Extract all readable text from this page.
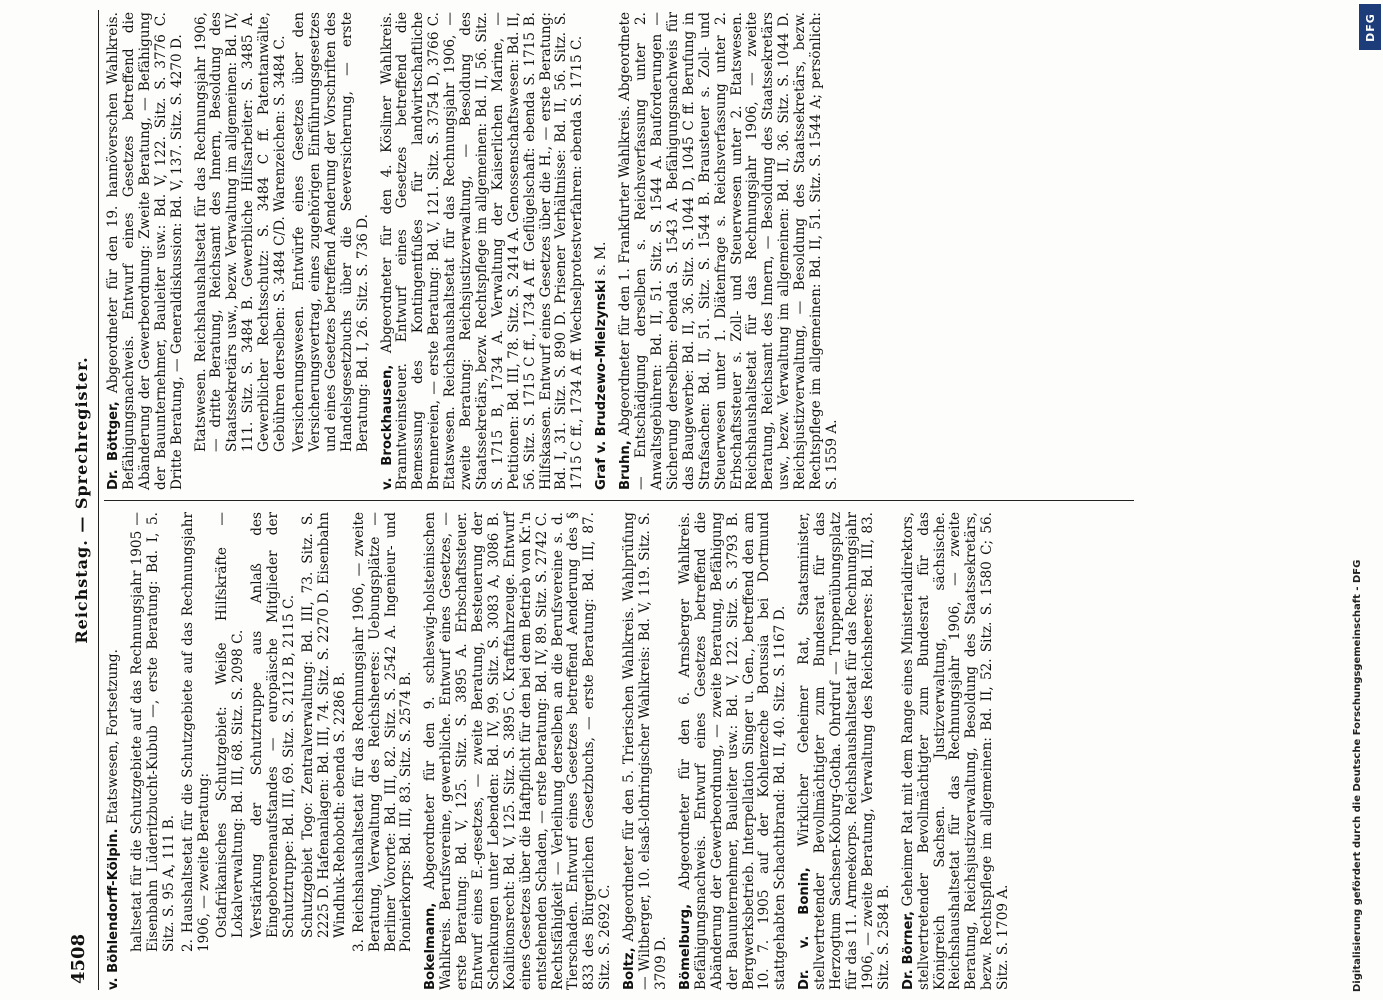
4508
Reichstag. — Sprechregister.

v. Böhlendorff-Kölpin. Etatswesen, Fortsetzung. haltsetat für die Schutzgebiete auf das Rechnungsjahr 1905 — Eisenbahn Lüderitzbucht-Kubub —, erste Beratung: Bd. I, 5. Sitz. S. 95 A, 111 B. 2. Haushaltsetat für die Schutzgebiete auf das Rechnungsjahr 1906, — zweite Beratung: Ostafrikanisches Schutzgebiet: Weiße Hilfskräfte — Lokalverwaltung: Bd. III, 68. Sitz. S. 2098 C. Verstärkung der Schutztruppe aus Anlaß des Eingeborenenaufstandes — europäische Mitglieder der Schutztruppe: Bd. III, 69. Sitz. S. 2112 B, 2115 C. Schutzgebiet Togo: Zentralverwaltung: Bd. III, 73. Sitz. S. 2225 D. Hafenanlagen: Bd. III, 74. Sitz. S. 2270 D. Eisenbahn Windhuk-Rehoboth: ebenda S. 2286 B. 3. Reichshaushaltsetat für das Rechnungsjahr 1906, — zweite Beratung, Verwaltung des Reichsheeres: Uebungsplätze — Berliner Vororte: Bd. III, 82. Sitz. S. 2542 A. Ingenieur- und Pionierkorps: Bd. III, 83. Sitz. S. 2574 B. Bokelmann, Abgeordneter für den 9. schleswig-holsteinischen Wahlkreis. Berufsvereine, gewerbliche. Entwurf eines Gesetzes, — erste Beratung: Bd. V, 125. Sitz. S. 3895 A. Erbschaftssteuer. Entwurf eines E.-gesetzes, — zweite Beratung, Besteuerung der Schenkungen unter Lebenden: Bd. IV, 99. Sitz. S. 3083 A, 3086 B. Koalitionsrecht: Bd. V, 125. Sitz. S. 3895 C. Kraftfahrzeuge. Entwurf eines Gesetzes über die Haftpflicht für den bei dem Betrieb von Kr.'n entstehenden Schaden, — erste Beratung: Bd. IV, 89. Sitz. S. 2742 C. Rechtsfähigkeit — Verleihung derselben an die Berufsvereine s. d. Tierschaden. Entwurf eines Gesetzes betreffend Aenderung des § 833 des Bürgerlichen Gesetzbuchs, — erste Beratung: Bd. III, 87. Sitz. S. 2692 C. Boltz, Abgeordneter für den 5. Trierischen Wahlkreis. Wahlprüfung — Wiltberger, 10. elsaß-lothringischer Wahlkreis: Bd. V, 119. Sitz. S. 3709 D. Bömelburg, Abgeordneter für den 6. Arnsberger Wahlkreis. Befähigungsnachweis. Entwurf eines Gesetzes betreffend die Abänderung der Gewerbeordnung, — zweite Beratung, Befähigung der Bauunternehmer, Bauleiter usw.: Bd. V, 122. Sitz. S. 3793 B. Bergwerksbetrieb. Interpellation Singer u. Gen., betreffend den am 10. 7. 1905 auf der Kohlenzeche Borussia bei Dortmund stattgehabten Schachtbrand: Bd. II, 40. Sitz. S. 1167 D. Dr. v. Bonin, Wirklicher Geheimer Rat, Staatsminister, stellvertretender Bevollmächtigter zum Bundesrat für das Herzogtum Sachsen-Koburg-Gotha. Ohrdruf — Truppenübungsplatz für das 11. Armeekorps. Reichshaushaltsetat für das Rechnungsjahr 1906, — zweite Beratung, Verwaltung des Reichsheeres: Bd. III, 83. Sitz. S. 2584 B. Dr. Börner, Geheimer Rat mit dem Range eines Ministerialdirektors, stellvertretender Bevollmächtigter zum Bundesrat für das Königreich Sachsen. Justizverwaltung, sächsische. Reichshaushaltsetat für das Rechnungsjahr 1906, — zweite Beratung, Reichsjustizverwaltung, Besoldung des Staatssekretärs, bezw. Rechtspflege im allgemeinen: Bd. II, 52. Sitz. S. 1580 C; 56. Sitz. S. 1709 A.

Dr. Böttger, Abgeordneter für den 19. hannöverschen Wahlkreis. Befähigungsnachweis. Entwurf eines Gesetzes betreffend die Abänderung der Gewerbeordnung: Zweite Beratung, — Befähigung der Bauunternehmer, Bauleiter usw.: Bd. V, 122. Sitz. S. 3776 C. Dritte Beratung, — Generaldiskussion: Bd. V, 137. Sitz. S. 4270 D. Etatswesen. Reichshaushaltsetat für das Rechnungsjahr 1906, — dritte Beratung, Reichsamt des Innern, Besoldung des Staatssekretärs usw., bezw. Verwaltung im allgemeinen: Bd. IV, 111. Sitz. S. 3484 B. Gewerbliche Hilfsarbeiter: S. 3485 A. Gewerblicher Rechtsschutz: S. 3484 C ff. Patentanwälte, Gebühren derselben: S. 3484 C/D. Warenzeichen: S. 3484 C. Versicherungswesen. Entwürfe eines Gesetzes über den Versicherungsvertrag, eines zugehörigen Einführungsgesetzes und eines Gesetzes betreffend Aenderung der Vorschriften des Handelsgesetzbuchs über die Seeversicherung, — erste Beratung: Bd. I, 26. Sitz. S. 736 D. v. Brockhausen, Abgeordneter für den 4. Kösliner Wahlkreis. Branntweinsteuer. Entwurf eines Gesetzes betreffend die Bemessung des Kontingentfußes für landwirtschaftliche Brennereien, — erste Beratung: Bd. V, 121. Sitz. S. 3754 D, 3766 C. Etatswesen. Reichshaushaltsetat für das Rechnungsjahr 1906, — zweite Beratung: Reichsjustizverwaltung, — Besoldung des Staatssekretärs, bezw. Rechtspflege im allgemeinen: Bd. II, 56. Sitz. S. 1715 B, 1734 A. Verwaltung der Kaiserlichen Marine, — Petitionen: Bd. III, 78. Sitz. S. 2414 A. Genossenschaftswesen: Bd. II, 56. Sitz. S. 1715 C ff., 1734 A ff. Geflügelschaft: ebenda S. 1715 B. Hilfskassen. Entwurf eines Gesetzes über die H., — erste Beratung: Bd. I, 31. Sitz. S. 890 D. Prisener Verhältnisse: Bd. II, 56. Sitz. S. 1715 C ff., 1734 A ff. Wechselprotestverfahren: ebenda S. 1715 C. Graf v. Brudzewo-Mielzynski s. M.

Bruhn, Abgeordneter für den 1. Frankfurter Wahlkreis. Abgeordnete — Entschädigung derselben s. Reichsverfassung unter 2. Anwaltsgebühren: Bd. II, 51. Sitz. S. 1544 A. Bauforderungen — Sicherung derselben: ebenda S. 1543 A. Befähigungsnachweis für das Baugewerbe: Bd. II, 36. Sitz. S. 1044 D, 1045 C ff. Berufung in Strafsachen: Bd. II, 51. Sitz. S. 1544 B. Brausteuer s. Zoll- und Steuerwesen unter 1. Diätenfrage s. Reichsverfassung unter 2. Erbschaftssteuer s. Zoll- und Steuerwesen unter 2. Etatswesen. Reichshaushaltsetat für das Rechnungsjahr 1906, — zweite Beratung, Reichsamt des Innern, — Besoldung des Staatssekretärs usw., bezw. Verwaltung im allgemeinen: Bd. II, 36. Sitz. S. 1044 D. Reichsjustizverwaltung, — Besoldung des Staatssekretärs, bezw. Rechtspflege im allgemeinen: Bd. II, 51. Sitz. S. 1544 A; persönlich: S. 1559 A.

Digitalisierung gefördert durch die Deutsche Forschungsgemeinschaft - DFG
DFG
